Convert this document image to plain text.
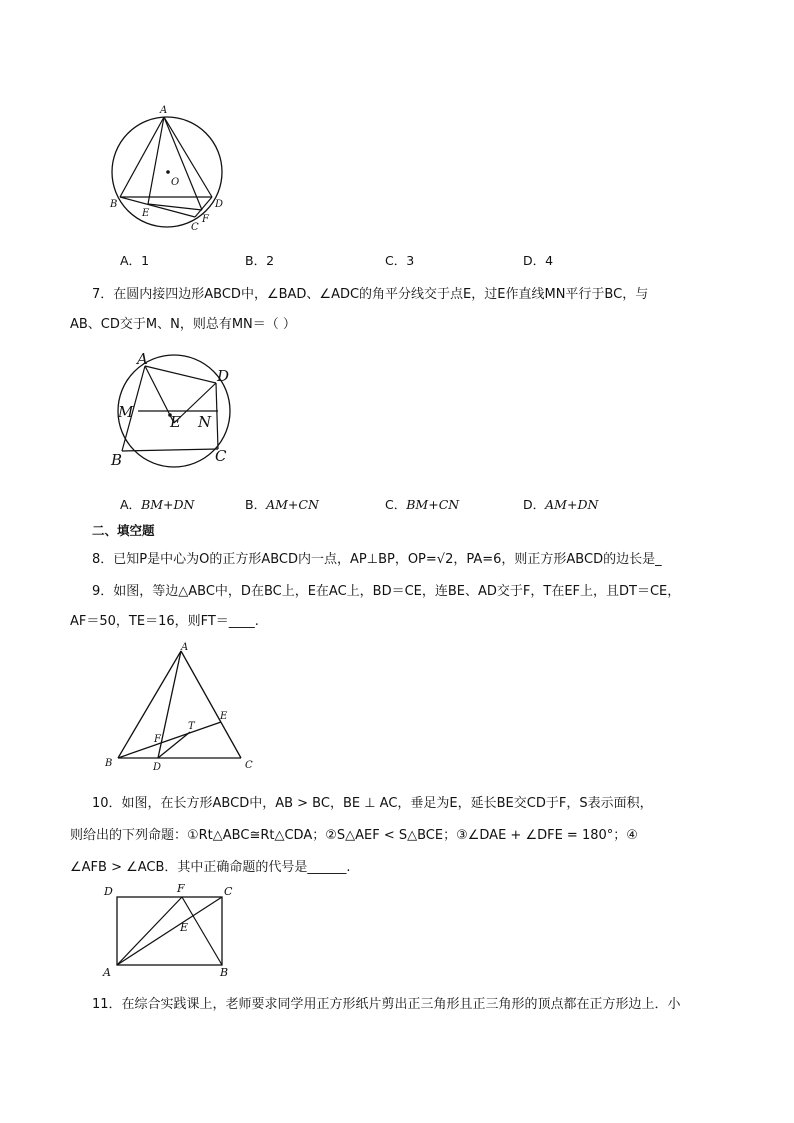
A
O
B
E
F
D
C
A．1	B．2	C．3	D．4
7．在圆内接四边形ABCD中，∠BAD、∠ADC的角平分线交于点E，过E作直线MN平行于BC，与
AB、CD交于M、N，则总有MN＝（ ）
A
D
M
E N
B	C
A．BM+DN	B．AM+CN	C．BM+CN	D．AM+DN
二、填空题
8．已知P是中心为O的正方形ABCD内一点，AP⊥BP，OP=√2，PA=6，则正方形ABCD的边长是_
9．如图，等边△ABC中，D在BC上，E在AC上，BD＝CE，连BE、AD交于F，T在EF上，且DT＝CE，
AF＝50，TE＝16，则FT＝____.
A
E
T
F
B	D	C
10．如图，在长方形ABCD中，AB > BC，BE ⊥ AC，垂足为E，延长BE交CD于F，S表示面积，
则给出的下列命题：①Rt△ABC≅Rt△CDA；②S△AEF < S△BCE；③∠DAE + ∠DFE = 180°；④
∠AFB > ∠ACB．其中正确命题的代号是______.
D	F	C
E
A	B
11．在综合实践课上，老师要求同学用正方形纸片剪出正三角形且正三角形的顶点都在正方形边上．小
